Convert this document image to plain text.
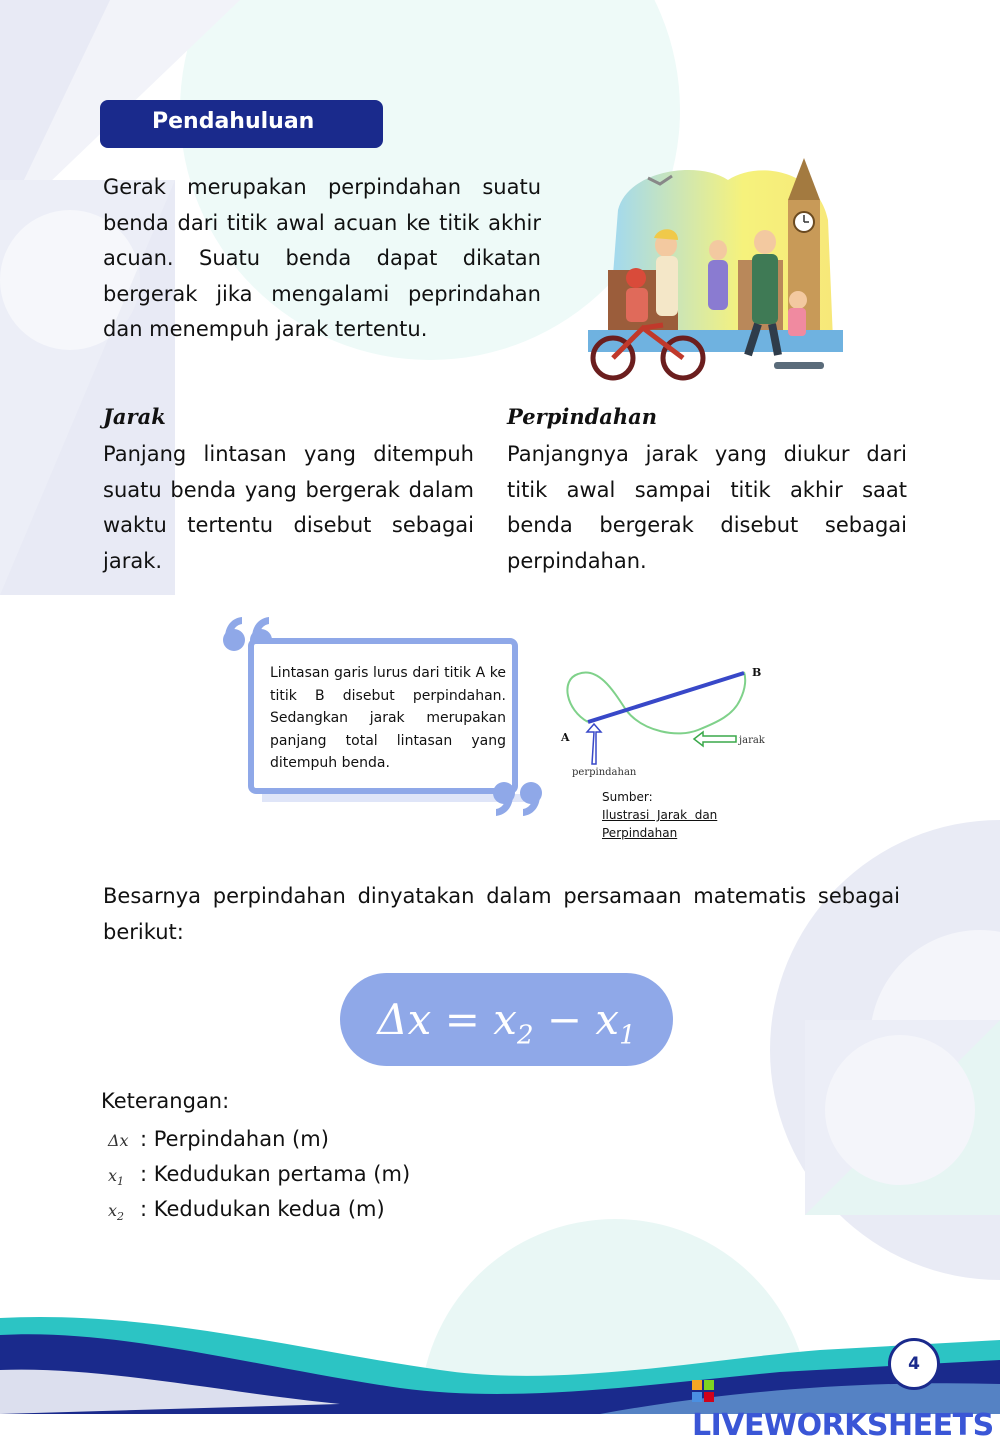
Pendahuluan
Gerak merupakan perpindahan suatu benda dari titik awal acuan ke titik akhir acuan. Suatu benda dapat dikatan bergerak jika mengalami peprindahan dan menempuh jarak tertentu.
Jarak	Perpindahan
Panjang lintasan yang ditempuh suatu benda yang bergerak dalam waktu tertentu disebut sebagai jarak.
Panjangnya jarak yang diukur dari titik awal sampai titik akhir saat benda bergerak disebut sebagai perpindahan.
Lintasan garis lurus dari titik A ke titik B disebut perpindahan. Sedangkan jarak merupakan panjang total lintasan yang ditempuh benda.
A
B
perpindahan
jarak
Sumber:
Ilustrasi  Jarak  dan
Perpindahan
Besarnya perpindahan dinyatakan dalam persamaan matematis sebagai berikut:
$\Delta x = x_2 - x_1$
Keterangan:
Δx : Perpindahan (m)
$x_1$ : Kedudukan pertama (m)
$x_2$ : Kedudukan kedua (m)
4
LIVEWORKSHEETS
